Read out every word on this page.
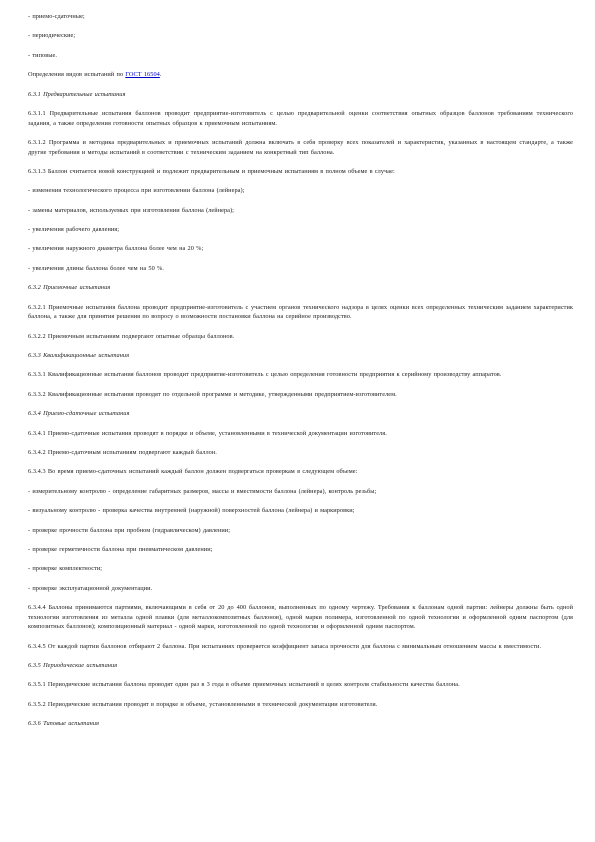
- приемо-сдаточные;

- периодические;

- типовые.

Определения видов испытаний по ГОСТ 16504.

6.3.1 Предварительные испытания

6.3.1.1 Предварительные испытания баллонов проводит предприятие-изготовитель с целью предварительной оценки соответствия опытных образцов баллонов требованиям технического задания, а также определения готовности опытных образцов к приемочным испытаниям.

6.3.1.2 Программа и методика предварительных и приемочных испытаний должна включать в себя проверку всех показателей и характеристик, указанных в настоящем стандарте, а также другие требования и методы испытаний в соответствии с техническим заданием на конкретный тип баллона.

6.3.1.3 Баллон считается новой конструкцией и подлежит предварительным и приемочным испытаниям в полном объеме в случае:

- изменения технологического процесса при изготовлении баллона (лейнера);

- замены материалов, используемых при изготовлении баллона (лейнера);

- увеличения рабочего давления;

- увеличения наружного диаметра баллона более чем на 20 %;

- увеличения длины баллона более чем на 50 %.

6.3.2 Приемочные испытания

6.3.2.1 Приемочные испытания баллона проводит предприятие-изготовитель с участием органов технического надзора в целях оценки всех определенных техническим заданием характеристик баллона, а также для принятия решения по вопросу о возможности постановки баллона на серийное производство.

6.3.2.2 Приемочным испытаниям подвергают опытные образцы баллонов.

6.3.3 Квалификационные испытания

6.3.3.1 Квалификационные испытания баллонов проводит предприятие-изготовитель с целью определения готовности предприятия к серийному производству аппаратов.

6.3.3.2 Квалификационные испытания проводят по отдельной программе и методике, утвержденными предприятием-изготовителем.

6.3.4 Приемо-сдаточные испытания

6.3.4.1 Приемо-сдаточные испытания проводят в порядке и объеме, установленными в технической документации изготовителя.

6.3.4.2 Приемо-сдаточным испытаниям подвергают каждый баллон.

6.3.4.3 Во время приемо-сдаточных испытаний каждый баллон должен подвергаться проверкам в следующем объеме:

- измерительному контролю - определение габаритных размеров, массы и вместимости баллона (лейнера), контроль резьбы;

- визуальному контролю - проверка качества внутренней (наружной) поверхностей баллона (лейнера) и маркировки;

- проверке прочности баллона при пробном (гидравлическом) давлении;

- проверке герметичности баллона при пневматическом давлении;

- проверке комплектности;

- проверке эксплуатационной документации.

6.3.4.4 Баллоны принимаются партиями, включающими в себя от 20 до 400 баллонов, выполненных по одному чертежу. Требования к баллонам одной партии: лейнеры должны быть одной технологии изготовления из металла одной плавки (для металлокомпозитных баллонов), одной марки полимера, изготовленной по одной технологии и оформленной одним паспортом (для композитных баллонов); композиционный материал - одной марки, изготовленной по одной технологии и оформленной одним паспортом.

6.3.4.5 От каждой партии баллонов отбирают 2 баллона. При испытаниях проверяется коэффициент запаса прочности для баллона с минимальным отношением массы к вместимости.

6.3.5 Периодические испытания

6.3.5.1 Периодические испытания баллона проводят один раз в 3 года в объеме приемочных испытаний в целях контроля стабильности качества баллона.

6.3.5.2 Периодические испытания проводят в порядке и объеме, установленными в технической документации изготовителя.

6.3.6 Типовые испытания
